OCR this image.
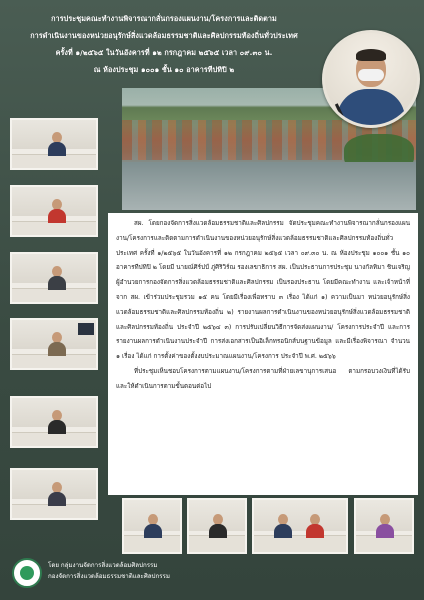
การประชุมคณะทำงานพิจารณากลั่นกรองแผนงาน/โครงการและติดตาม
การดำเนินงานของหน่วยอนุรักษ์สิ่งแวดล้อมธรรมชาติและศิลปกรรมท้องถิ่นทั่วประเทศ
ครั้งที่ ๑/๒๕๖๕ ในวันอังคารที่ ๑๒ กรกฎาคม ๒๕๖๕ เวลา ๐๙.๓๐ น.
ณ ห้องประชุม ๑๐๐๑ ชั้น ๑๐ อาคารทีปทิปิ ๒

สผ. โดยกองจัดการสิ่งแวดล้อมธรรมชาติและศิลปกรรม จัดประชุมคณะทำงานพิจารณากลั่นกรองแผนงาน/โครงการและติดตามการดำเนินงานของหน่วยอนุรักษ์สิ่งแวดล้อมธรรมชาติและศิลปกรรมท้องถิ่นทั่วประเทศ ครั้งที่ ๑/๒๕๖๕ ในวันอังคารที่ ๑๒ กรกฎาคม ๒๕๖๕ เวลา ๐๙.๓๐ น. ณ ห้องประชุม ๑๐๐๑ ชั้น ๑๐ อาคารทีปทิปิ ๒ โดยมี นายณ์ศิร์ปป์ ภู่ศิริวิร์ณ รองเลขาธิการ สผ. เป็นประธานการประชุม นางกัลทิมา ชินเจริญ ผู้อำนวยการกองจัดการสิ่งแวดล้อมธรรมชาติและศิลปกรรม เป็นรองประธาน โดยมีคณะทำงาน และเจ้าหน้าที่จาก สผ. เข้าร่วมประชุมรวม ๑๕ คน โดยมีเรื่องเพื่อทราบ ๓ เรื่อง ได้แก่ ๑) ความเป็นมา หน่วยอนุรักษ์สิ่งแวดล้อมธรรมชาติและศิลปกรรมท้องถิ่น ๒) รายงานผลการดำเนินงานของหน่วยอนุรักษ์สิ่งแวดล้อมธรรมชาติและศิลปกรรมท้องถิ่น ประจำปี ๒๕๖๔ ๓) การปรับเปลี่ยนวิธีการจัดส่งแผนงาน/ โครงการประจำปี และการรายงานผลการดำเนินงานประจำปี การส่งเอกสารเป็นอิเล็กทรอนิกส์บนฐานข้อมูล และมีเรื่องพิจารณา จำนวน ๑ เรื่อง ได้แก่ การตั้งค่าของตั้งงบประมาณแผนงาน/โครงการ ประจำปี พ.ศ. ๒๕๖๖

ที่ประชุมเห็นชอบโครงการตามแผนงาน/โครงการตามที่ฝ่ายเลขานุการเสนอ ตามกรอบวงเงินที่ได้รับ และให้ดำเนินการตามขั้นตอนต่อไป

โดย กลุ่มงานจัดการสิ่งแวดล้อมศิลปกรรม
กองจัดการสิ่งแวดล้อมธรรมชาติและศิลปกรรม
